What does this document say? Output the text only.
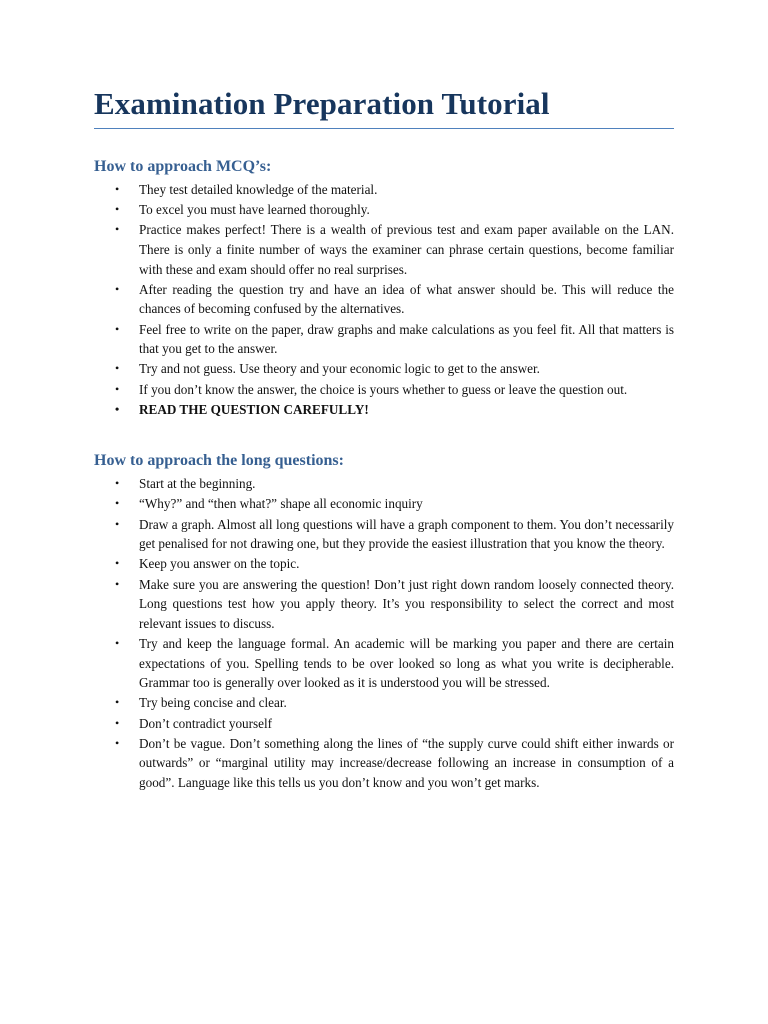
Examination Preparation Tutorial
How to approach MCQ’s:
• They test detailed knowledge of the material.
• To excel you must have learned thoroughly.
• Practice makes perfect! There is a wealth of previous test and exam paper available on the LAN. There is only a finite number of ways the examiner can phrase certain questions, become familiar with these and exam should offer no real surprises.
• After reading the question try and have an idea of what answer should be. This will reduce the chances of becoming confused by the alternatives.
• Feel free to write on the paper, draw graphs and make calculations as you feel fit. All that matters is that you get to the answer.
• Try and not guess. Use theory and your economic logic to get to the answer.
• If you don’t know the answer, the choice is yours whether to guess or leave the question out.
• READ THE QUESTION CAREFULLY!
How to approach the long questions:
• Start at the beginning.
• “Why?” and “then what?” shape all economic inquiry
• Draw a graph. Almost all long questions will have a graph component to them. You don’t necessarily get penalised for not drawing one, but they provide the easiest illustration that you know the theory.
• Keep you answer on the topic.
• Make sure you are answering the question! Don’t just right down random loosely connected theory. Long questions test how you apply theory. It’s you responsibility to select the correct and most relevant issues to discuss.
• Try and keep the language formal. An academic will be marking you paper and there are certain expectations of you. Spelling tends to be over looked so long as what you write is decipherable. Grammar too is generally over looked as it is understood you will be stressed.
• Try being concise and clear.
• Don’t contradict yourself
• Don’t be vague. Don’t something along the lines of “the supply curve could shift either inwards or outwards” or “marginal utility may increase/decrease following an increase in consumption of a good”. Language like this tells us you don’t know and you won’t get marks.
